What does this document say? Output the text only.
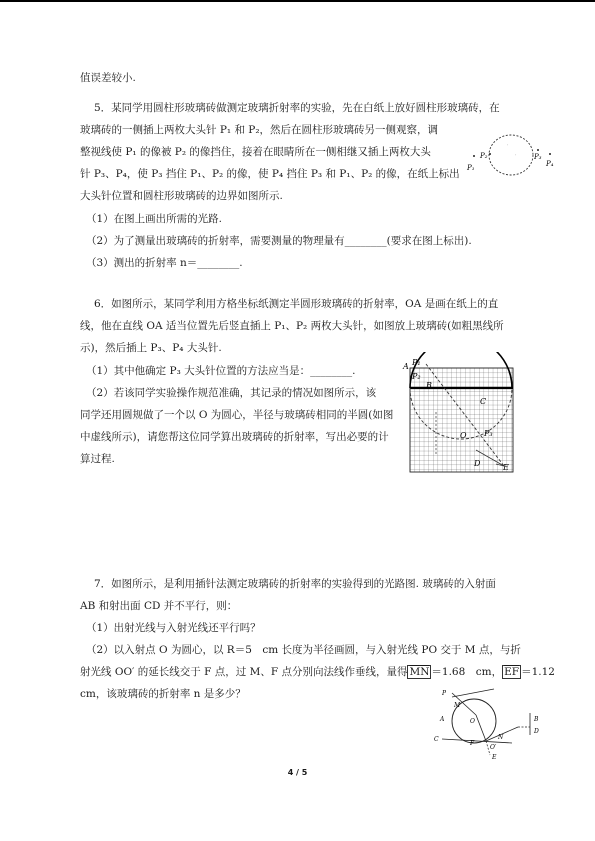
值误差较小.
5．某同学用圆柱形玻璃砖做测定玻璃折射率的实验，先在白纸上放好圆柱形玻璃砖，在
玻璃砖的一侧插上两枚大头针 P₁ 和 P₂，然后在圆柱形玻璃砖另一侧观察，调
整视线使 P₁ 的像被 P₂ 的像挡住，接着在眼睛所在一侧相继又插上两枚大头
针 P₃、P₄，使 P₃ 挡住 P₁、P₂ 的像，使 P₄ 挡住 P₃ 和 P₁、P₂ 的像，在纸上标出
大头针位置和圆柱形玻璃砖的边界如图所示.
（1）在图上画出所需的光路.
（2）为了测量出玻璃砖的折射率，需要测量的物理量有________(要求在图上标出).
（3）测出的折射率 n＝________.
6．如图所示，某同学利用方格坐标纸测定半圆形玻璃砖的折射率，OA 是画在纸上的直
线，他在直线 OA 适当位置先后竖直插上 P₁、P₂ 两枚大头针，如图放上玻璃砖(如粗黑线所
示)，然后插上 P₃、P₄ 大头针.
（1）其中他确定 P₃ 大头针位置的方法应当是：________.
（2）若该同学实验操作规范准确，其记录的情况如图所示，该
同学还用圆规做了一个以 O 为圆心，半径与玻璃砖相同的半圆(如图
中虚线所示)，请您帮这位同学算出玻璃砖的折射率，写出必要的计
算过程.
7．如图所示，是利用插针法测定玻璃砖的折射率的实验得到的光路图. 玻璃砖的入射面
AB 和射出面 CD 并不平行，则：
（1）出射光线与入射光线还平行吗？
（2）以入射点 O 为圆心，以 R＝5　cm 长度为半径画圆，与入射光线 PO 交于 M 点，与折
射光线 OO′ 的延长线交于 F 点，过 M、F 点分别向法线作垂线，量得 $\overline{MN} =1.68$　cm， $\overline{EF} =1.12$
cm，该玻璃砖的折射率 n 是多少？
′
′
P₁
P₂	P₃
P₄
A P₁
P₂
B
C
O P₃
D	E
P
M
A	O	B
C
F
D
O′
N
E
4 / 5
